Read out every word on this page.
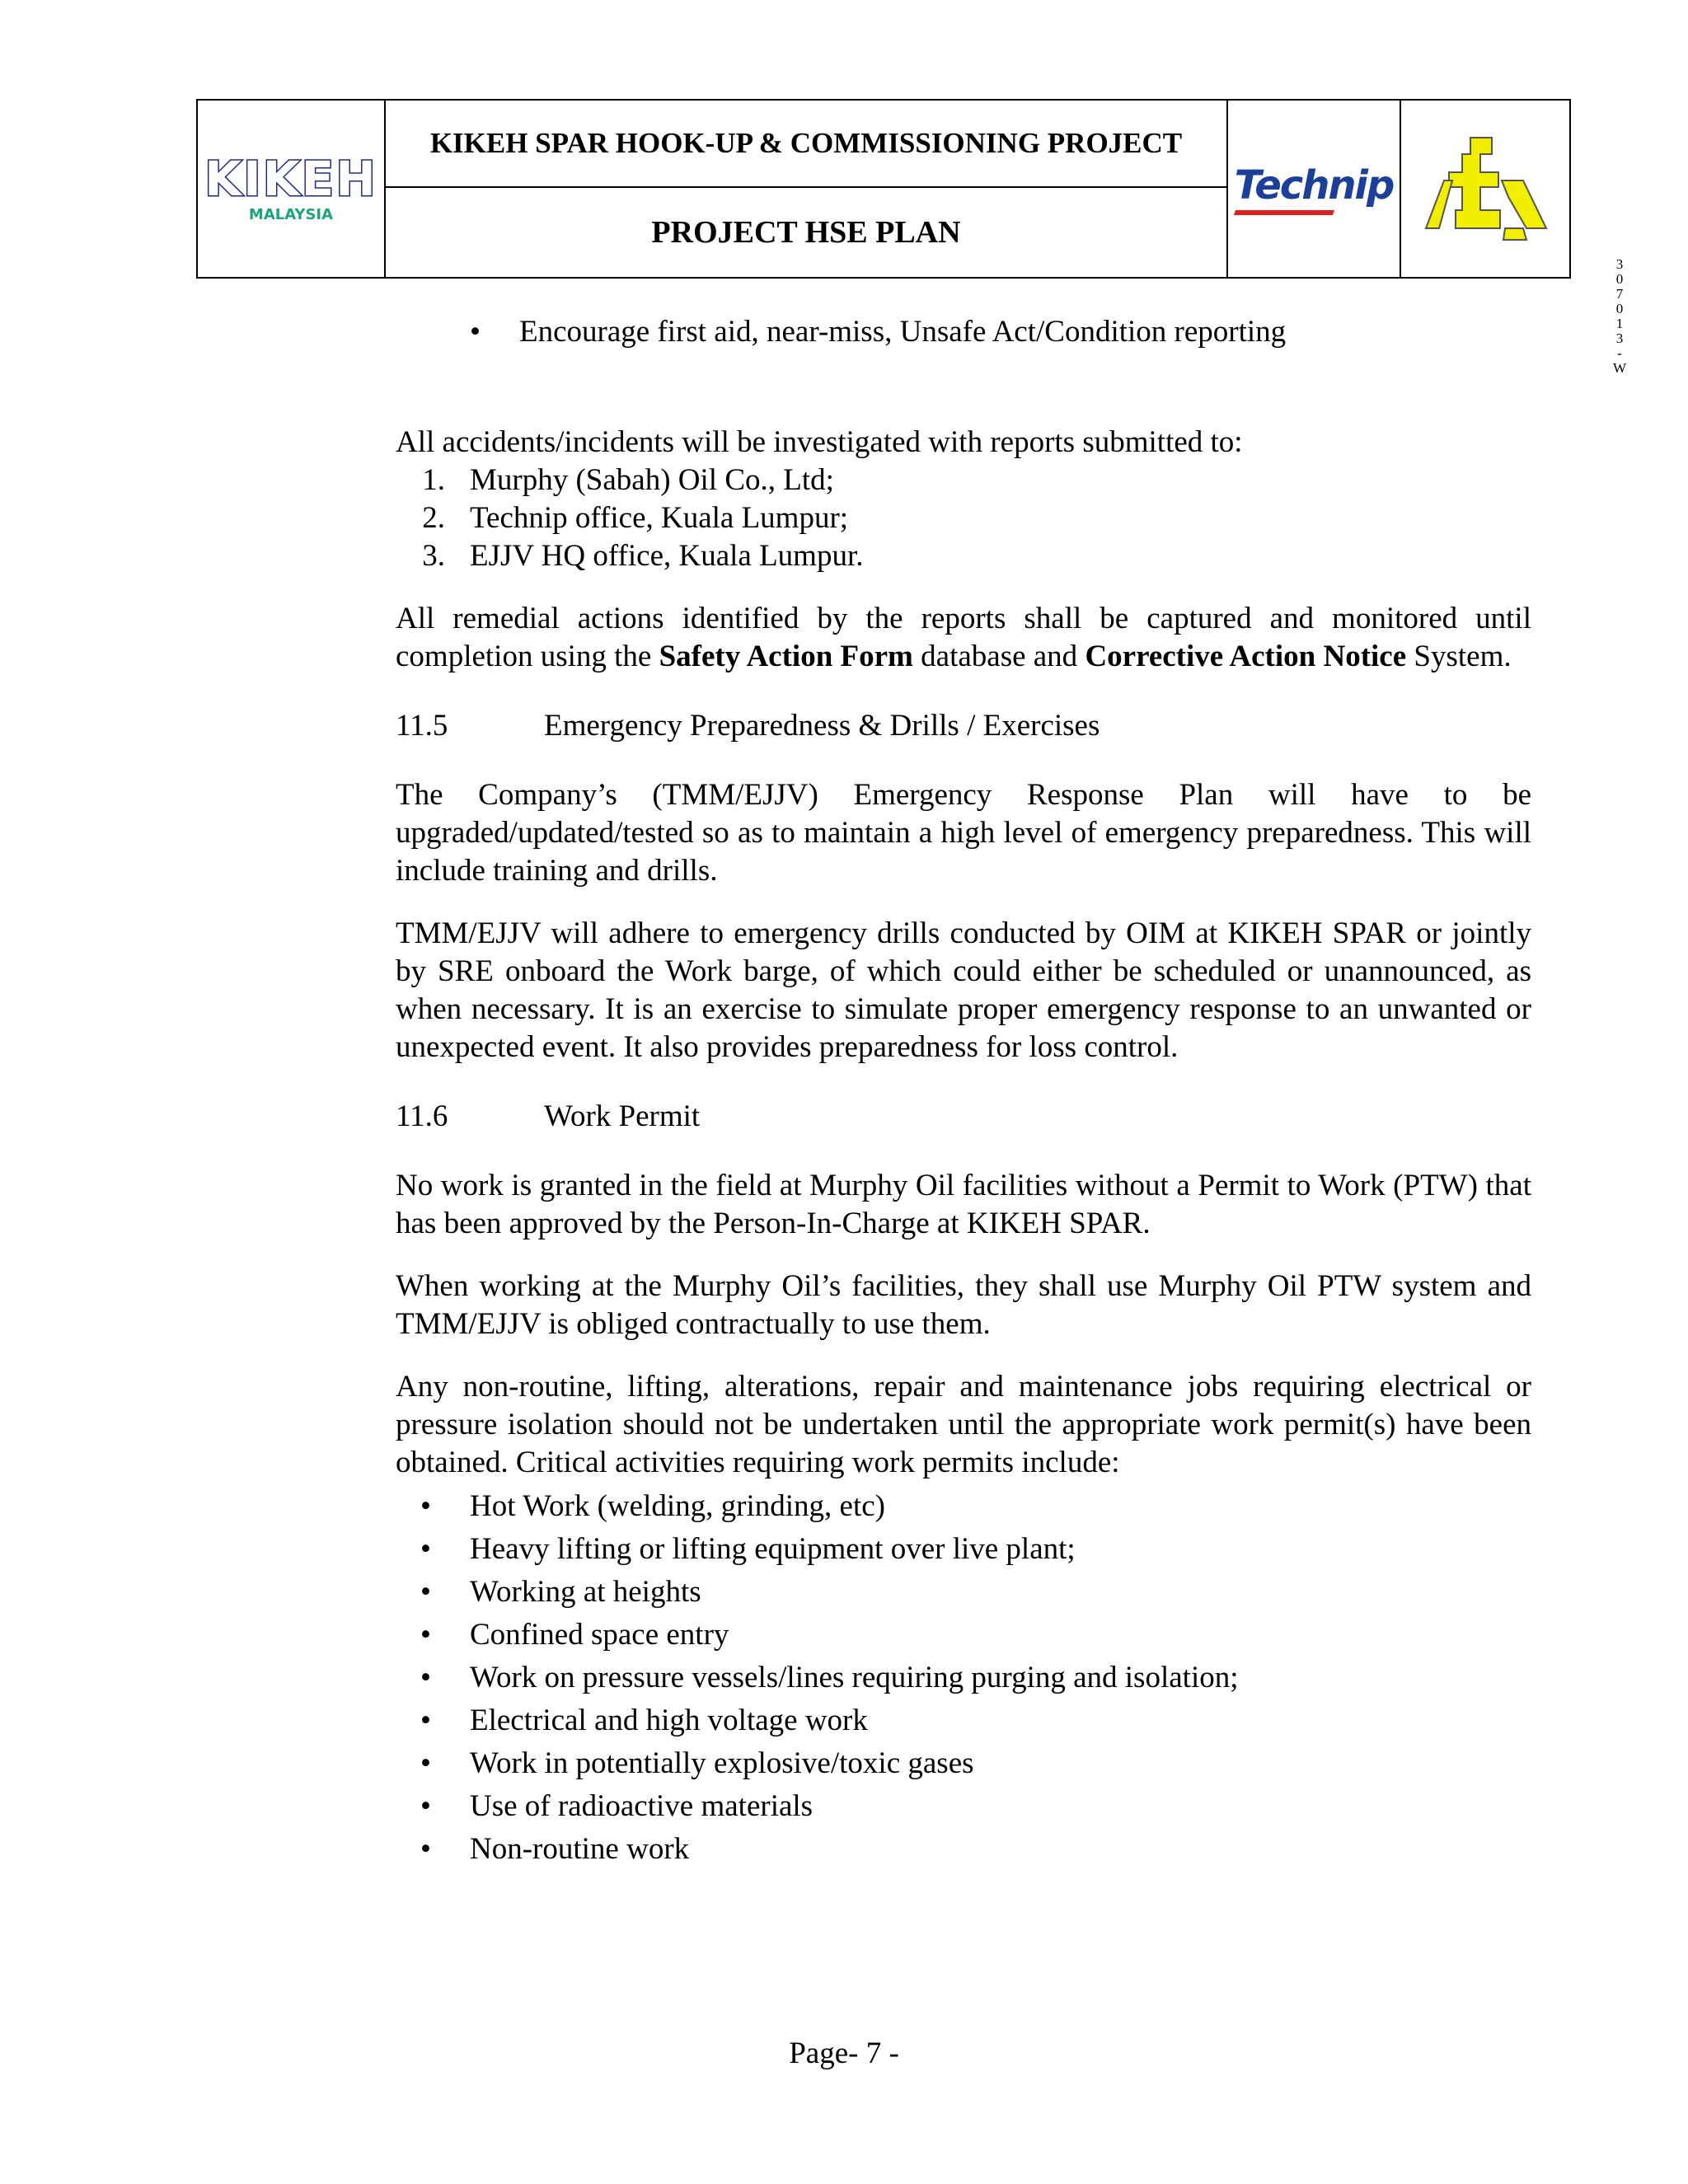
KIKEH
MALAYSIA
KIKEH SPAR HOOK-UP & COMMISSIONING PROJECT
PROJECT HSE PLAN
Technip
3
0
7
0
1
3
-
W
•	Encourage first aid, near-miss, Unsafe Act/Condition reporting

All accidents/incidents will be investigated with reports submitted to:

1. Murphy (Sabah) Oil Co., Ltd;
2. Technip office, Kuala Lumpur;
3. EJJV HQ office, Kuala Lumpur.

All remedial actions identified by the reports shall be captured and monitored until completion using the Safety Action Form database and Corrective Action Notice System.

11.5	Emergency Preparedness & Drills / Exercises

The Company’s (TMM/EJJV) Emergency Response Plan will have to be upgraded/updated/tested so as to maintain a high level of emergency preparedness. This will include training and drills.

TMM/EJJV will adhere to emergency drills conducted by OIM at KIKEH SPAR or jointly by SRE onboard the Work barge, of which could either be scheduled or unannounced, as when necessary. It is an exercise to simulate proper emergency response to an unwanted or unexpected event. It also provides preparedness for loss control.

11.6	Work Permit

No work is granted in the field at Murphy Oil facilities without a Permit to Work (PTW) that has been approved by the Person-In-Charge at KIKEH SPAR.

When working at the Murphy Oil’s facilities, they shall use Murphy Oil PTW system and TMM/EJJV is obliged contractually to use them.

Any non-routine, lifting, alterations, repair and maintenance jobs requiring electrical or pressure isolation should not be undertaken until the appropriate work permit(s) have been obtained. Critical activities requiring work permits include:

•	Hot Work (welding, grinding, etc)
•	Heavy lifting or lifting equipment over live plant;
•	Working at heights
•	Confined space entry
•	Work on pressure vessels/lines requiring purging and isolation;
•	Electrical and high voltage work
•	Work in potentially explosive/toxic gases
•	Use of radioactive materials
•	Non-routine work
Page- 7 -
